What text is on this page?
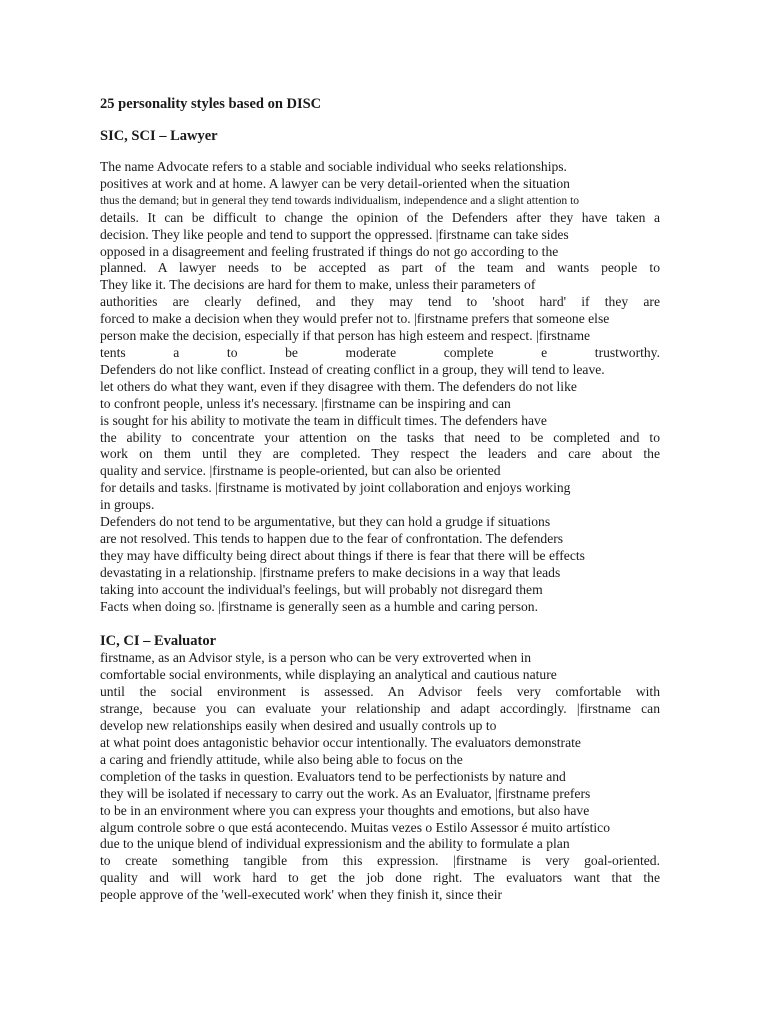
25 personality styles based on DISC
SIC, SCI – Lawyer
The name Advocate refers to a stable and sociable individual who seeks relationships.
positives at work and at home. A lawyer can be very detail-oriented when the situation
thus the demand; but in general they tend towards individualism, independence and a slight attention to
details. It can be difficult to change the opinion of the Defenders after they have taken a
decision. They like people and tend to support the oppressed. |firstname can take sides
opposed in a disagreement and feeling frustrated if things do not go according to the
planned. A lawyer needs to be accepted as part of the team and wants people to
They like it. The decisions are hard for them to make, unless their parameters of
authorities are clearly defined, and they may tend to 'shoot hard' if they are
forced to make a decision when they would prefer not to. |firstname prefers that someone else
person make the decision, especially if that person has high esteem and respect. |firstname
tents a to be moderate complete e trustworthy.
Defenders do not like conflict. Instead of creating conflict in a group, they will tend to leave.
let others do what they want, even if they disagree with them. The defenders do not like
to confront people, unless it's necessary. |firstname can be inspiring and can
is sought for his ability to motivate the team in difficult times. The defenders have
the ability to concentrate your attention on the tasks that need to be completed and to
work on them until they are completed. They respect the leaders and care about the
quality and service. |firstname is people-oriented, but can also be oriented
for details and tasks. |firstname is motivated by joint collaboration and enjoys working
in groups.
Defenders do not tend to be argumentative, but they can hold a grudge if situations
are not resolved. This tends to happen due to the fear of confrontation. The defenders
they may have difficulty being direct about things if there is fear that there will be effects
devastating in a relationship. |firstname prefers to make decisions in a way that leads
taking into account the individual's feelings, but will probably not disregard them
Facts when doing so. |firstname is generally seen as a humble and caring person.
IC, CI – Evaluator
firstname, as an Advisor style, is a person who can be very extroverted when in
comfortable social environments, while displaying an analytical and cautious nature
until the social environment is assessed. An Advisor feels very comfortable with
strange, because you can evaluate your relationship and adapt accordingly. |firstname can
develop new relationships easily when desired and usually controls up to
at what point does antagonistic behavior occur intentionally. The evaluators demonstrate
a caring and friendly attitude, while also being able to focus on the
completion of the tasks in question. Evaluators tend to be perfectionists by nature and
they will be isolated if necessary to carry out the work. As an Evaluator, |firstname prefers
to be in an environment where you can express your thoughts and emotions, but also have
algum controle sobre o que está acontecendo. Muitas vezes o Estilo Assessor é muito artístico
due to the unique blend of individual expressionism and the ability to formulate a plan
to create something tangible from this expression. |firstname is very goal-oriented.
quality and will work hard to get the job done right. The evaluators want that the
people approve of the 'well-executed work' when they finish it, since their
